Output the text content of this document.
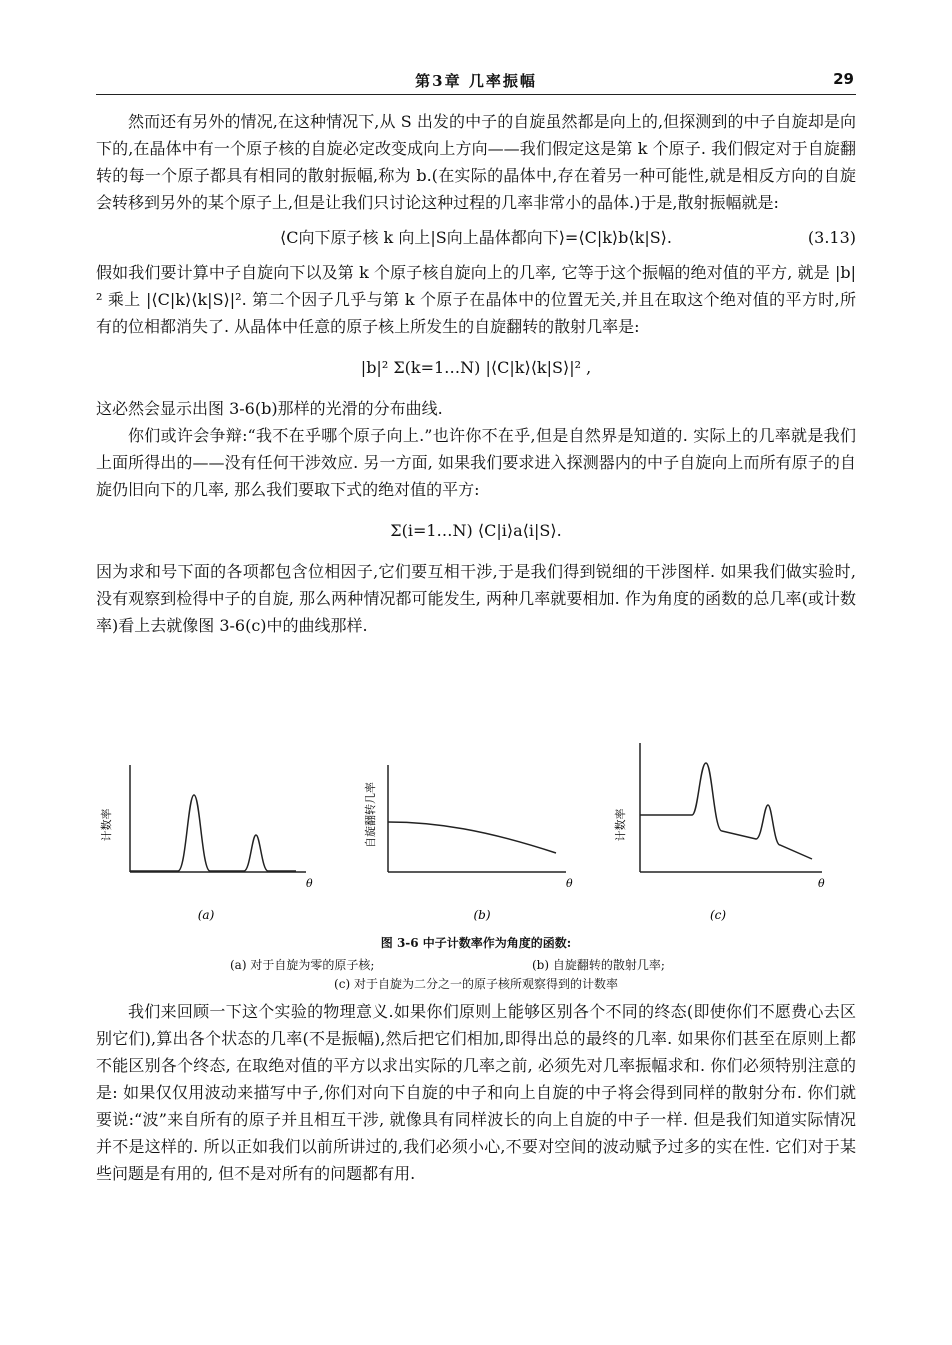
第3章 几率振幅	29

然而还有另外的情况,在这种情况下,从 S 出发的中子的自旋虽然都是向上的,但探测到的中子自旋却是向下的,在晶体中有一个原子核的自旋必定改变成向上方向——我们假定这是第 k 个原子. 我们假定对于自旋翻转的每一个原子都具有相同的散射振幅,称为 b.(在实际的晶体中,存在着另一种可能性,就是相反方向的自旋会转移到另外的某个原子上,但是让我们只讨论这种过程的几率非常小的晶体.)于是,散射振幅就是:

⟨C向下原子核 k 向上|S向上晶体都向下⟩=⟨C|k⟩b⟨k|S⟩.	(3.13)

假如我们要计算中子自旋向下以及第 k 个原子核自旋向上的几率, 它等于这个振幅的绝对值的平方, 就是 |b|² 乘上 |⟨C|k⟩⟨k|S⟩|². 第二个因子几乎与第 k 个原子在晶体中的位置无关,并且在取这个绝对值的平方时,所有的位相都消失了. 从晶体中任意的原子核上所发生的自旋翻转的散射几率是:

|b|² Σ(k=1…N) |⟨C|k⟩⟨k|S⟩|² ,

这必然会显示出图 3-6(b)那样的光滑的分布曲线.

你们或许会争辩:“我不在乎哪个原子向上.”也许你不在乎,但是自然界是知道的. 实际上的几率就是我们上面所得出的——没有任何干涉效应. 另一方面, 如果我们要求进入探测器内的中子自旋向上而所有原子的自旋仍旧向下的几率, 那么我们要取下式的绝对值的平方:

Σ(i=1…N) ⟨C|i⟩a⟨i|S⟩.

因为求和号下面的各项都包含位相因子,它们要互相干涉,于是我们得到锐细的干涉图样. 如果我们做实验时,没有观察到检得中子的自旋, 那么两种情况都可能发生, 两种几率就要相加. 作为角度的函数的总几率(或计数率)看上去就像图 3-6(c)中的曲线那样.

计数率
θ
自旋翻转几率
θ
计数率
θ
(a)	(b)	(c)
图 3-6 中子计数率作为角度的函数:
(a) 对于自旋为零的原子核;	(b) 自旋翻转的散射几率;
(c) 对于自旋为二分之一的原子核所观察得到的计数率

我们来回顾一下这个实验的物理意义.如果你们原则上能够区别各个不同的终态(即使你们不愿费心去区别它们),算出各个状态的几率(不是振幅),然后把它们相加,即得出总的最终的几率. 如果你们甚至在原则上都不能区别各个终态, 在取绝对值的平方以求出实际的几率之前, 必须先对几率振幅求和. 你们必须特别注意的是: 如果仅仅用波动来描写中子,你们对向下自旋的中子和向上自旋的中子将会得到同样的散射分布. 你们就要说:“波”来自所有的原子并且相互干涉, 就像具有同样波长的向上自旋的中子一样. 但是我们知道实际情况并不是这样的. 所以正如我们以前所讲过的,我们必须小心,不要对空间的波动赋予过多的实在性. 它们对于某些问题是有用的, 但不是对所有的问题都有用.
